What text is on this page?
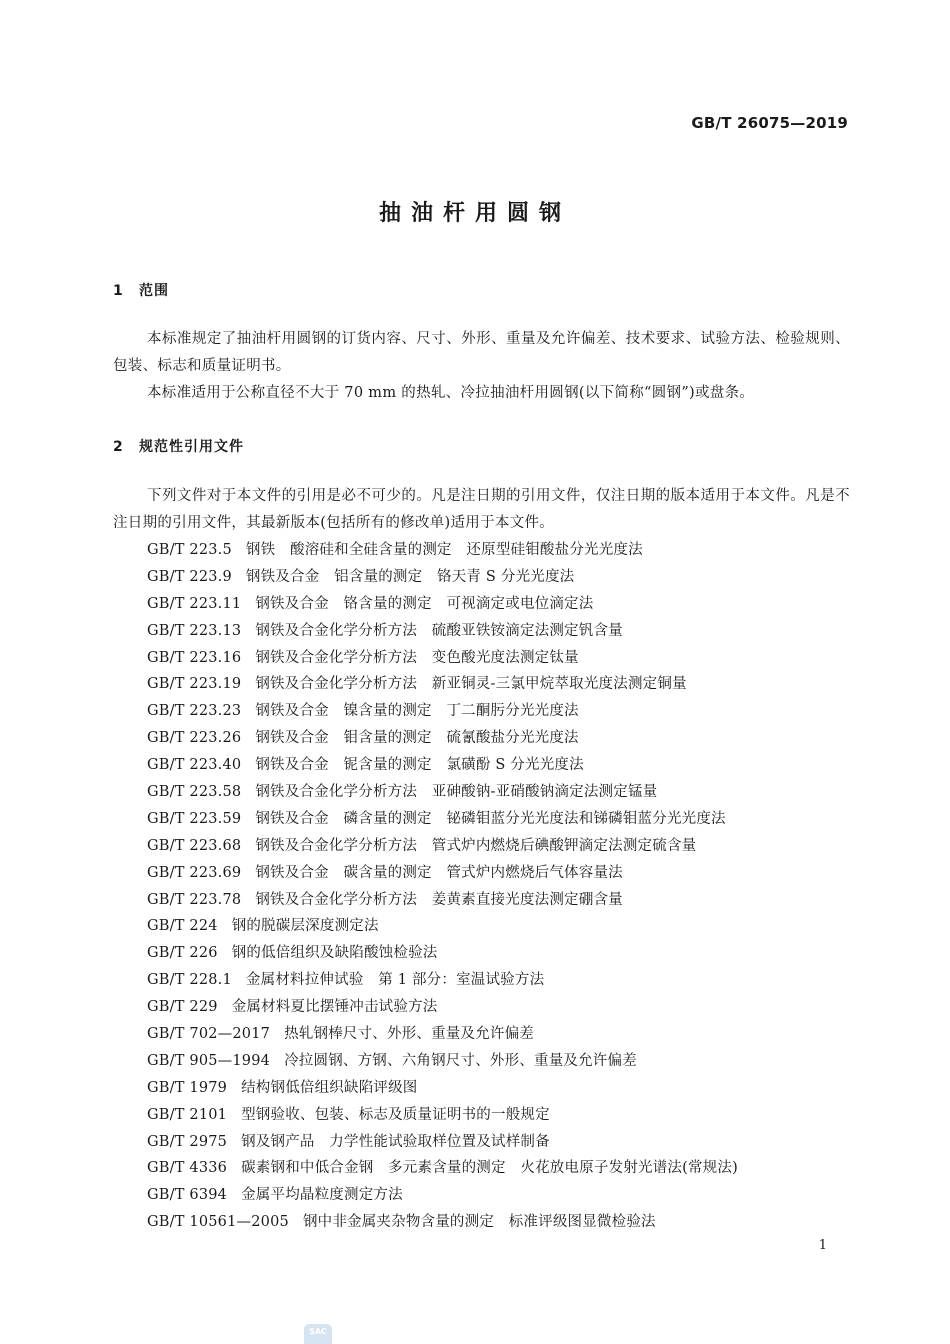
GB/T 26075—2019
抽油杆用圆钢
1 范围

本标准规定了抽油杆用圆钢的订货内容、尺寸、外形、重量及允许偏差、技术要求、试验方法、检验规则、包装、标志和质量证明书。

本标准适用于公称直径不大于 70 mm 的热轧、冷拉抽油杆用圆钢(以下简称“圆钢”)或盘条。

2 规范性引用文件

下列文件对于本文件的引用是必不可少的。凡是注日期的引用文件，仅注日期的版本适用于本文件。凡是不注日期的引用文件，其最新版本(包括所有的修改单)适用于本文件。

GB/T 223.5 钢铁　酸溶硅和全硅含量的测定　还原型硅钼酸盐分光光度法
GB/T 223.9 钢铁及合金　铝含量的测定　铬天青 S 分光光度法
GB/T 223.11 钢铁及合金　铬含量的测定　可视滴定或电位滴定法
GB/T 223.13 钢铁及合金化学分析方法　硫酸亚铁铵滴定法测定钒含量
GB/T 223.16 钢铁及合金化学分析方法　变色酸光度法测定钛量
GB/T 223.19 钢铁及合金化学分析方法　新亚铜灵-三氯甲烷萃取光度法测定铜量
GB/T 223.23 钢铁及合金　镍含量的测定　丁二酮肟分光光度法
GB/T 223.26 钢铁及合金　钼含量的测定　硫氰酸盐分光光度法
GB/T 223.40 钢铁及合金　铌含量的测定　氯磺酚 S 分光光度法
GB/T 223.58 钢铁及合金化学分析方法　亚砷酸钠-亚硝酸钠滴定法测定锰量
GB/T 223.59 钢铁及合金　磷含量的测定　铋磷钼蓝分光光度法和锑磷钼蓝分光光度法
GB/T 223.68 钢铁及合金化学分析方法　管式炉内燃烧后碘酸钾滴定法测定硫含量
GB/T 223.69 钢铁及合金　碳含量的测定　管式炉内燃烧后气体容量法
GB/T 223.78 钢铁及合金化学分析方法　姜黄素直接光度法测定硼含量
GB/T 224 钢的脱碳层深度测定法
GB/T 226 钢的低倍组织及缺陷酸蚀检验法
GB/T 228.1 金属材料拉伸试验　第 1 部分：室温试验方法
GB/T 229 金属材料夏比摆锤冲击试验方法
GB/T 702—2017 热轧钢棒尺寸、外形、重量及允许偏差
GB/T 905—1994 冷拉圆钢、方钢、六角钢尺寸、外形、重量及允许偏差
GB/T 1979 结构钢低倍组织缺陷评级图
GB/T 2101 型钢验收、包装、标志及质量证明书的一般规定
GB/T 2975 钢及钢产品　力学性能试验取样位置及试样制备
GB/T 4336 碳素钢和中低合金钢　多元素含量的测定　火花放电原子发射光谱法(常规法)
GB/T 6394 金属平均晶粒度测定方法
GB/T 10561—2005 钢中非金属夹杂物含量的测定　标准评级图显微检验法
1
SAC
